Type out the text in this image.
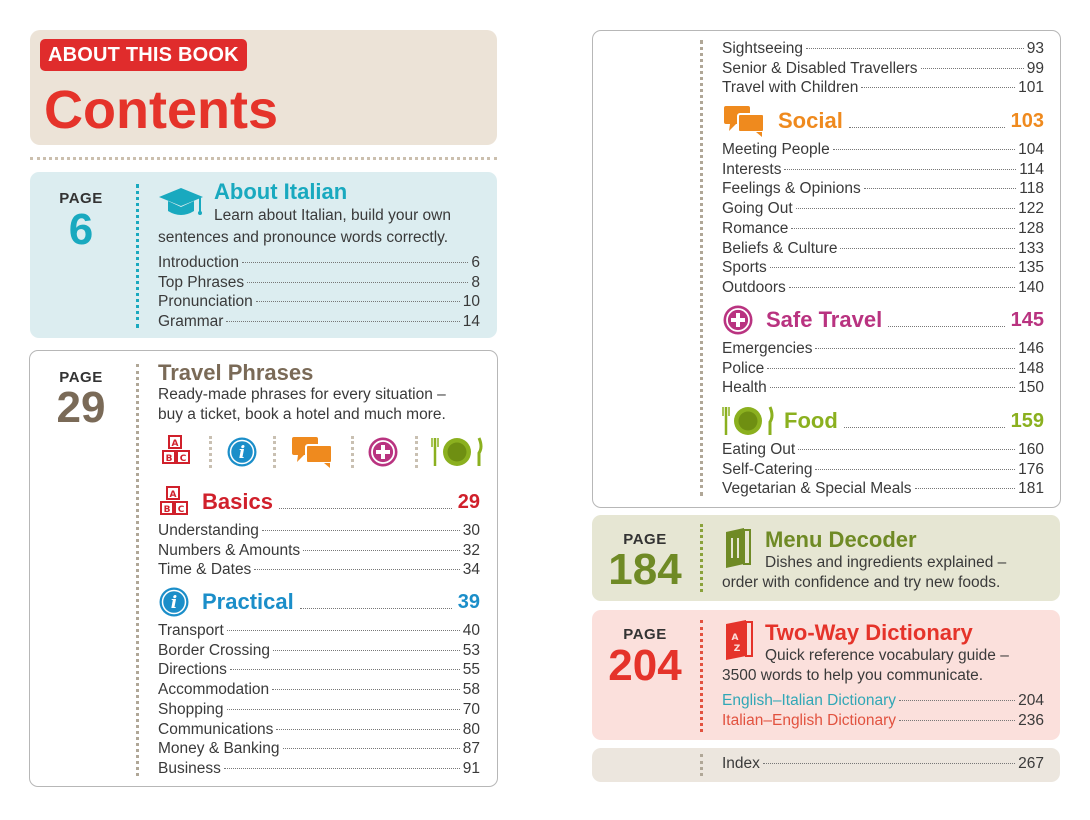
ABOUT THIS BOOK
Contents
PAGE
6
About Italian
Learn about Italian, build your own
sentences and pronounce words correctly.
Introduction	6
Top Phrases	8
Pronunciation	10
Grammar	14
PAGE
29
Travel Phrases
Ready-made phrases for every situation –
buy a ticket, book a hotel and much more.
A
B C	i
A
B C Basics	29
Understanding	30
Numbers & Amounts	32
Time & Dates	34
i Practical	39
Transport	40
Border Crossing	53
Directions	55
Accommodation	58
Shopping	70
Communications	80
Money & Banking	87
Business	91
Sightseeing	93
Senior & Disabled Travellers	99
Travel with Children	101
Social	103
Meeting People	104
Interests	114
Feelings & Opinions	118
Going Out	122
Romance	128
Beliefs & Culture	133
Sports	135
Outdoors	140
Safe Travel	145
Emergencies	146
Police	148
Health	150
Food	159
Eating Out	160
Self-Catering	176
Vegetarian & Special Meals	181
PAGE
184
Menu Decoder
Dishes and ingredients explained –
order with confidence and try new foods.
PAGE
204
A
Z
Two-Way Dictionary
Quick reference vocabulary guide –
3500 words to help you communicate.
English–Italian Dictionary	204
Italian–English Dictionary	236
Index	267
